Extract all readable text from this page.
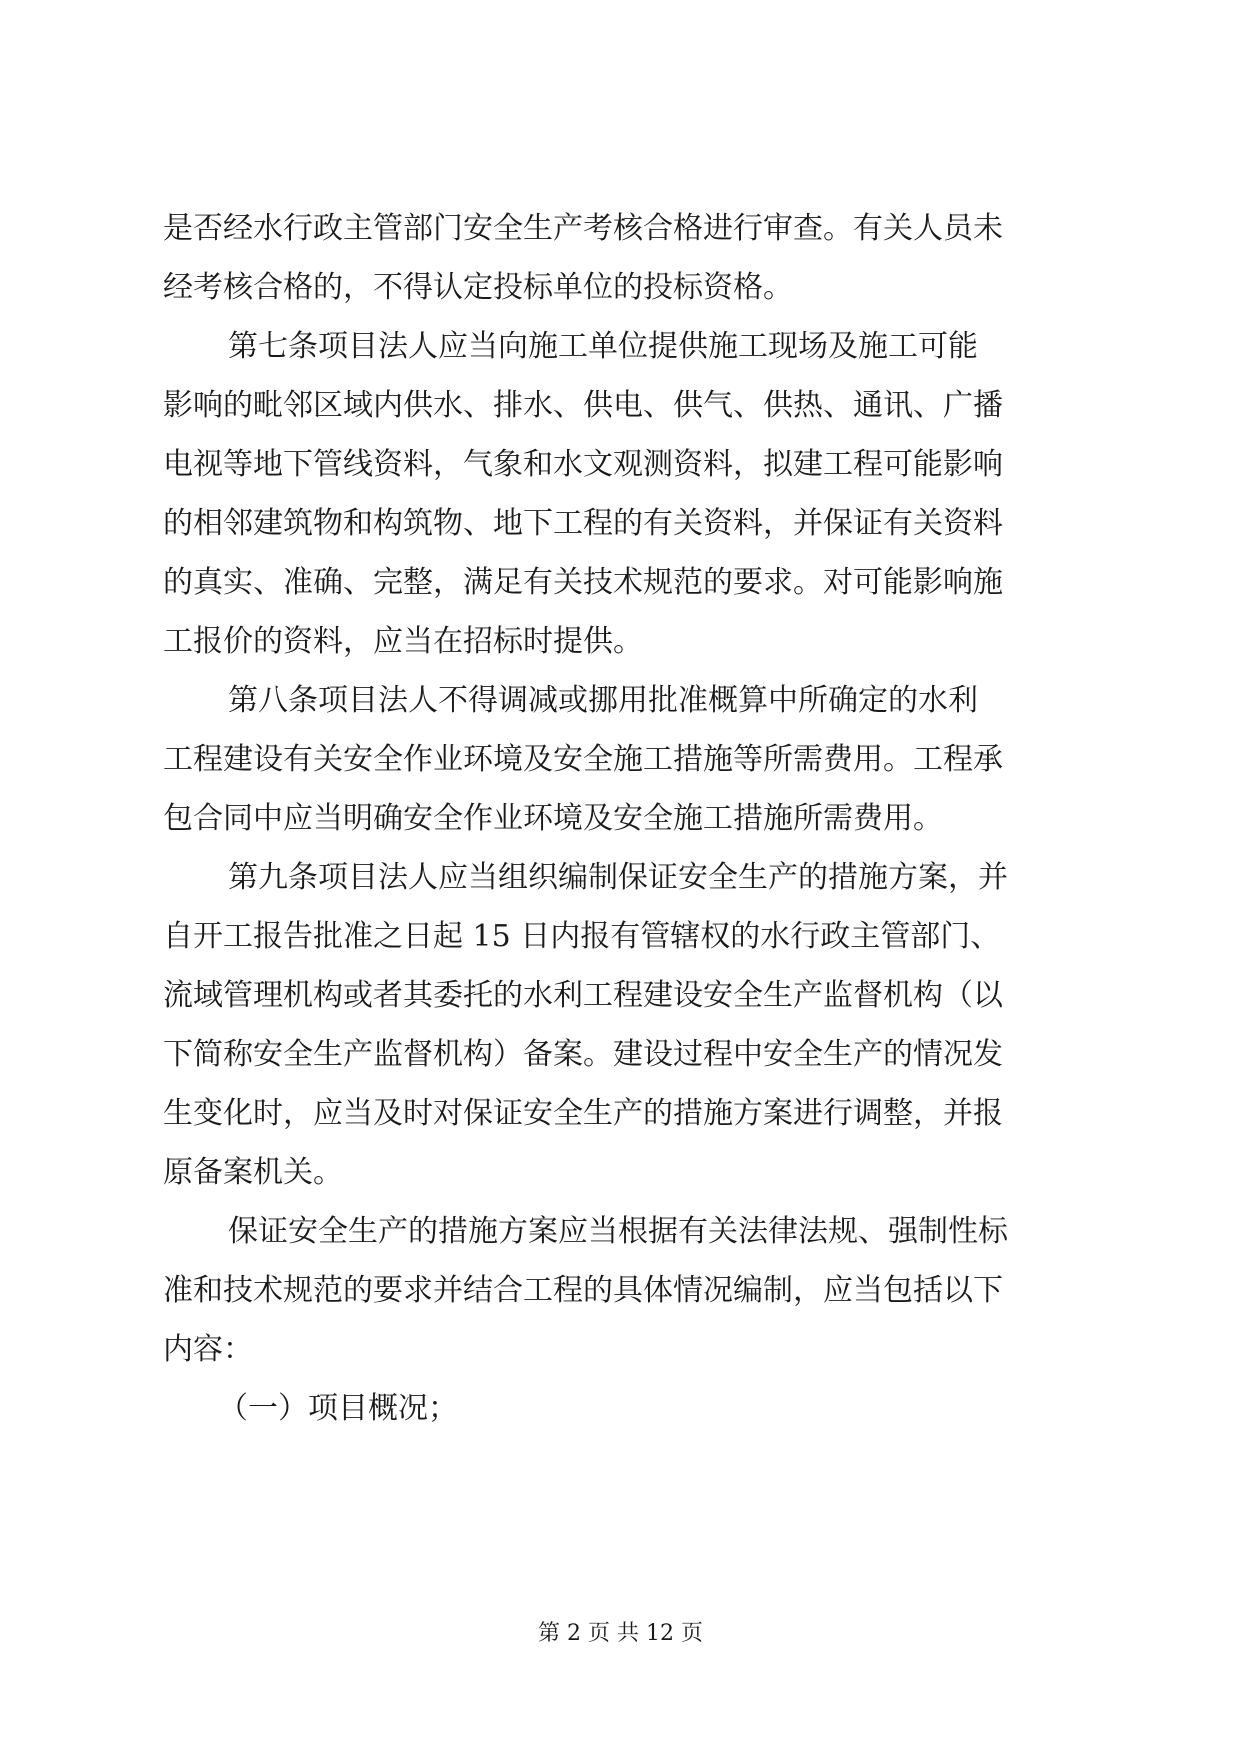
是否经水行政主管部门安全生产考核合格进行审查。有关人员未
经考核合格的，不得认定投标单位的投标资格。
第七条项目法人应当向施工单位提供施工现场及施工可能
影响的毗邻区域内供水、排水、供电、供气、供热、通讯、广播
电视等地下管线资料，气象和水文观测资料，拟建工程可能影响
的相邻建筑物和构筑物、地下工程的有关资料，并保证有关资料
的真实、准确、完整，满足有关技术规范的要求。对可能影响施
工报价的资料，应当在招标时提供。
第八条项目法人不得调减或挪用批准概算中所确定的水利
工程建设有关安全作业环境及安全施工措施等所需费用。工程承
包合同中应当明确安全作业环境及安全施工措施所需费用。
第九条项目法人应当组织编制保证安全生产的措施方案，并
自开工报告批准之日起 15 日内报有管辖权的水行政主管部门、
流域管理机构或者其委托的水利工程建设安全生产监督机构（以
下简称安全生产监督机构）备案。建设过程中安全生产的情况发
生变化时，应当及时对保证安全生产的措施方案进行调整，并报
原备案机关。
保证安全生产的措施方案应当根据有关法律法规、强制性标
准和技术规范的要求并结合工程的具体情况编制，应当包括以下
内容：
（一）项目概况；
第 2 页 共 12 页
